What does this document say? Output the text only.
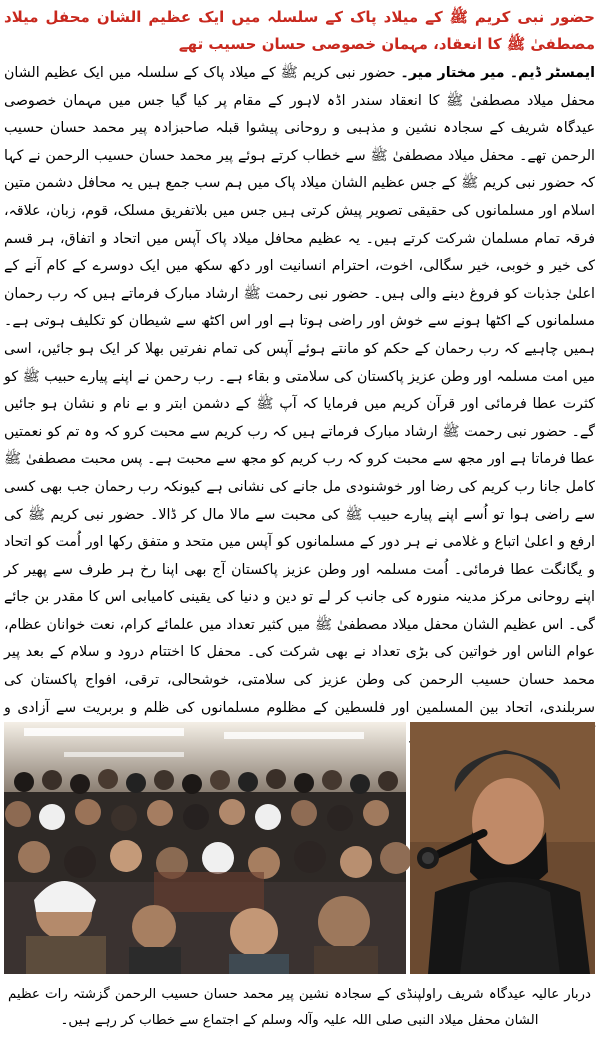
حضور نبی کریم ﷺ کے میلاد پاک کے سلسلہ میں ایک عظیم الشان محفل میلاد مصطفیٰ ﷺ کا انعقاد، مہمان خصوصی حسان حسیب تھے
ایمسٹر ڈیم۔ میر مختار میر۔ حضور نبی کریم ﷺ کے میلاد پاک کے سلسلہ میں ایک عظیم الشان محفل میلاد مصطفیٰ ﷺ کا انعقاد سندر اڈہ لاہور کے مقام پر کیا گیا جس میں مہمان خصوصی عیدگاہ شریف کے سجادہ نشین و مذہبی و روحانی پیشوا قبلہ صاحبزادہ پیر محمد حسان حسیب الرحمن تھے۔ محفل میلاد مصطفیٰ ﷺ سے خطاب کرتے ہوئے پیر محمد حسان حسیب الرحمن نے کہا کہ حضور نبی کریم ﷺ کے جس عظیم الشان میلاد پاک میں ہم سب جمع ہیں یہ محافل دشمن متین اسلام اور مسلمانوں کی حقیقی تصویر پیش کرتی ہیں جس میں بلاتفریق مسلک، قوم، زبان، علاقہ، فرقہ تمام مسلمان شرکت کرتے ہیں۔ یہ عظیم محافل میلاد پاک آپس میں اتحاد و اتفاق، ہر قسم کی خیر و خوبی، خیر سگالی، اخوت، احترام انسانیت اور دکھ سکھ میں ایک دوسرے کے کام آنے کے اعلیٰ جذبات کو فروغ دینے والی ہیں۔ حضور نبی رحمت ﷺ ارشاد مبارک فرماتے ہیں کہ رب رحمان مسلمانوں کے اکٹھا ہونے سے خوش اور راضی ہوتا ہے اور اس اکٹھ سے شیطان کو تکلیف ہوتی ہے۔ ہمیں چاہیے کہ رب رحمان کے حکم کو مانتے ہوئے آپس کی تمام نفرتیں بھلا کر ایک ہو جائیں، اسی میں امت مسلمہ اور وطن عزیز پاکستان کی سلامتی و بقاء ہے۔ رب رحمن نے اپنے پیارے حبیب ﷺ کو کثرت عطا فرمائی اور قرآن کریم میں فرمایا کہ آپ ﷺ کے دشمن ابتر و بے نام و نشان ہو جائیں گے۔ حضور نبی رحمت ﷺ ارشاد مبارک فرماتے ہیں کہ رب کریم سے محبت کرو کہ وہ تم کو نعمتیں عطا فرماتا ہے اور مجھ سے محبت کرو کہ رب کریم کو مجھ سے محبت ہے۔ پس محبت مصطفیٰ ﷺ کامل جانا رب کریم کی رضا اور خوشنودی مل جانے کی نشانی ہے کیونکہ رب رحمان جب بھی کسی سے راضی ہوا تو اُسے اپنے پیارے حبیب ﷺ کی محبت سے مالا مال کر ڈالا۔ حضور نبی کریم ﷺ کی ارفع و اعلیٰ اتباع و غلامی نے ہر دور کے مسلمانوں کو آپس میں متحد و متفق رکھا اور اُمت کو اتحاد و یگانگت عطا فرمائی۔ اُمت مسلمہ اور وطن عزیز پاکستان آج بھی اپنا رخ ہر طرف سے پھیر کر اپنے روحانی مرکز مدینہ منورہ کی جانب کر لے تو دین و دنیا کی یقینی کامیابی اس کا مقدر بن جائے گی۔ اس عظیم الشان محفل میلاد مصطفیٰ ﷺ میں کثیر تعداد میں علمائے کرام، نعت خوانان عظام، عوام الناس اور خواتین کی بڑی تعداد نے بھی شرکت کی۔ محفل کا اختتام درود و سلام کے بعد پیر محمد حسان حسیب الرحمن کی وطن عزیز کی سلامتی، خوشحالی، ترقی، افواج پاکستان کی سربلندی، اتحاد بین المسلمین اور فلسطین کے مظلوم مسلمانوں کی ظلم و بربریت سے آزادی و
دربار عالیہ عیدگاہ شریف راولپنڈی کے سجادہ نشین پیر محمد حسان حسیب الرحمن گزشتہ رات عظیم الشان محفل میلاد النبی صلی اللہ علیہ وآلہ وسلم کے اجتماع سے خطاب کر رہے ہیں۔
